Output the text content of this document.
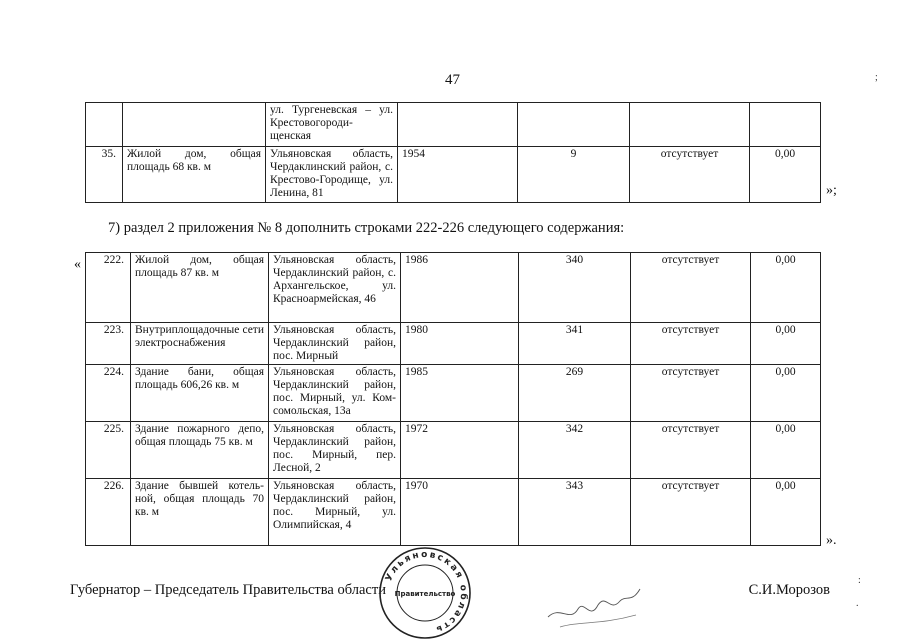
47
		ул. Тургеневская – ул. Крестовогороди-щенская				
35.	Жилой дом, общая площадь 68 кв. м	Ульяновская область, Чердаклинский район, с. Крестово-Городище, ул. Ленина, 81	1954	9	отсутствует	0,00
»;
7) раздел 2 приложения № 8 дополнить строками 222-226 следующего содержания:
« 222.	Жилой дом, общая площадь 87 кв. м	Ульяновская область, Чердаклинский район, с. Архангельское, ул. Красноармейская, 46	1986	340	отсутствует	0,00
223.	Внутриплощадочные сети электроснабжения	Ульяновская область, Чердаклинский район, пос. Мирный	1980	341	отсутствует	0,00
224.	Здание бани, общая площадь 606,26 кв. м	Ульяновская область, Чердаклинский район, пос. Мирный, ул. Ком-сомольская, 13а	1985	269	отсутствует	0,00
225.	Здание пожарного депо, общая площадь 75 кв. м	Ульяновская область, Чердаклинский район, пос. Мирный, пер. Лесной, 2	1972	342	отсутствует	0,00
226.	Здание бывшей котель-ной, общая площадь 70 кв. м	Ульяновская область, Чердаклинский район, пос. Мирный, ул. Олимпийская, 4	1970	343	отсутствует	0,00
».
Губернатор – Председатель Правительства области	С.И.Морозов
Ульяновская область
Правительство
;
:
.
